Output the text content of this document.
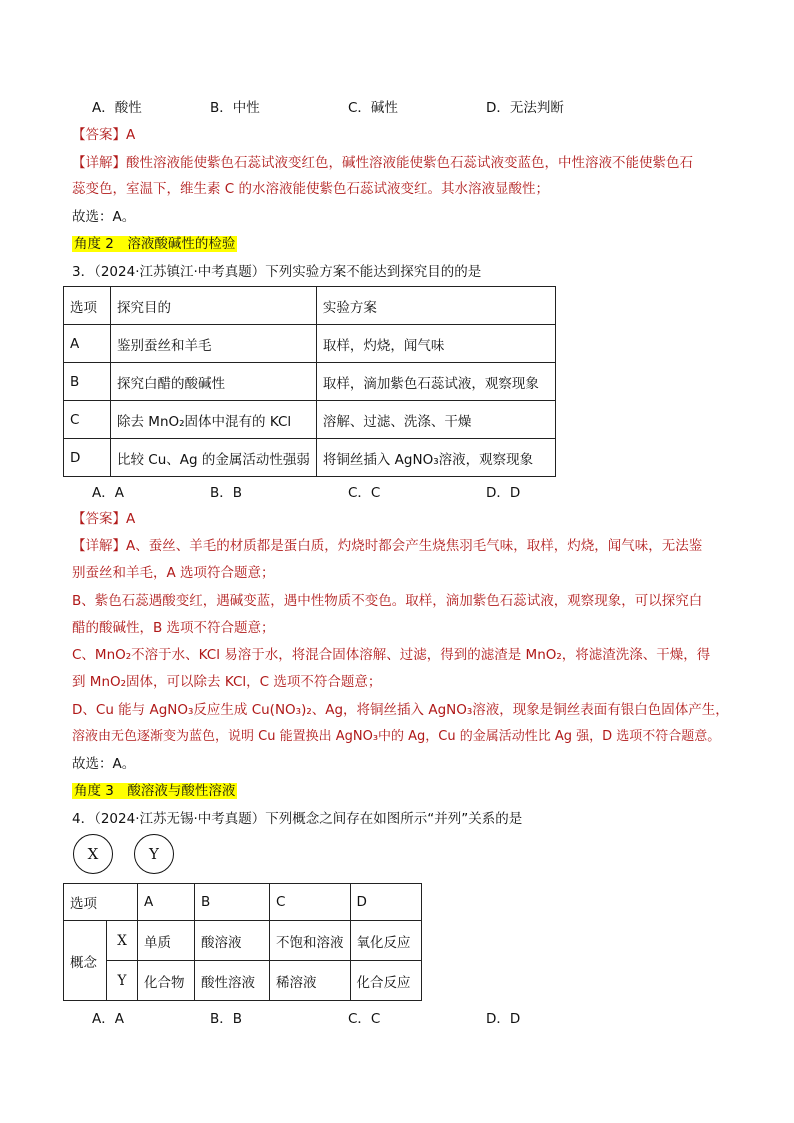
A．酸性	B．中性	C．碱性	D．无法判断
【答案】A
【详解】酸性溶液能使紫色石蕊试液变红色，碱性溶液能使紫色石蕊试液变蓝色，中性溶液不能使紫色石
蕊变色，室温下，维生素 C 的水溶液能使紫色石蕊试液变红。其水溶液显酸性；
故选：A。
角度 2　溶液酸碱性的检验
3．（2024·江苏镇江·中考真题）下列实验方案不能达到探究目的的是
选项	探究目的	实验方案
A	鉴别蚕丝和羊毛	取样，灼烧，闻气味
B	探究白醋的酸碱性	取样，滴加紫色石蕊试液，观察现象
C	除去 MnO₂固体中混有的 KCl	溶解、过滤、洗涤、干燥
D	比较 Cu、Ag 的金属活动性强弱	将铜丝插入 AgNO₃溶液，观察现象
A．A	B．B	C．C	D．D
【答案】A
【详解】A、蚕丝、羊毛的材质都是蛋白质，灼烧时都会产生烧焦羽毛气味，取样，灼烧，闻气味，无法鉴
别蚕丝和羊毛，A 选项符合题意；
B、紫色石蕊遇酸变红，遇碱变蓝，遇中性物质不变色。取样，滴加紫色石蕊试液，观察现象，可以探究白
醋的酸碱性，B 选项不符合题意；
C、MnO₂不溶于水、KCl 易溶于水，将混合固体溶解、过滤，得到的滤渣是 MnO₂，将滤渣洗涤、干燥，得
到 MnO₂固体，可以除去 KCl，C 选项不符合题意；
D、Cu 能与 AgNO₃反应生成 Cu(NO₃)₂、Ag，将铜丝插入 AgNO₃溶液，现象是铜丝表面有银白色固体产生，
溶液由无色逐渐变为蓝色，说明 Cu 能置换出 AgNO₃中的 Ag，Cu 的金属活动性比 Ag 强，D 选项不符合题意。
故选：A。
角度 3　酸溶液与酸性溶液
4．（2024·江苏无锡·中考真题）下列概念之间存在如图所示“并列”关系的是
X	Y
选项		A	B	C	D
概念	X	单质	酸溶液	不饱和溶液	氧化反应
	Y	化合物	酸性溶液	稀溶液	化合反应
A．A	B．B	C．C	D．D
